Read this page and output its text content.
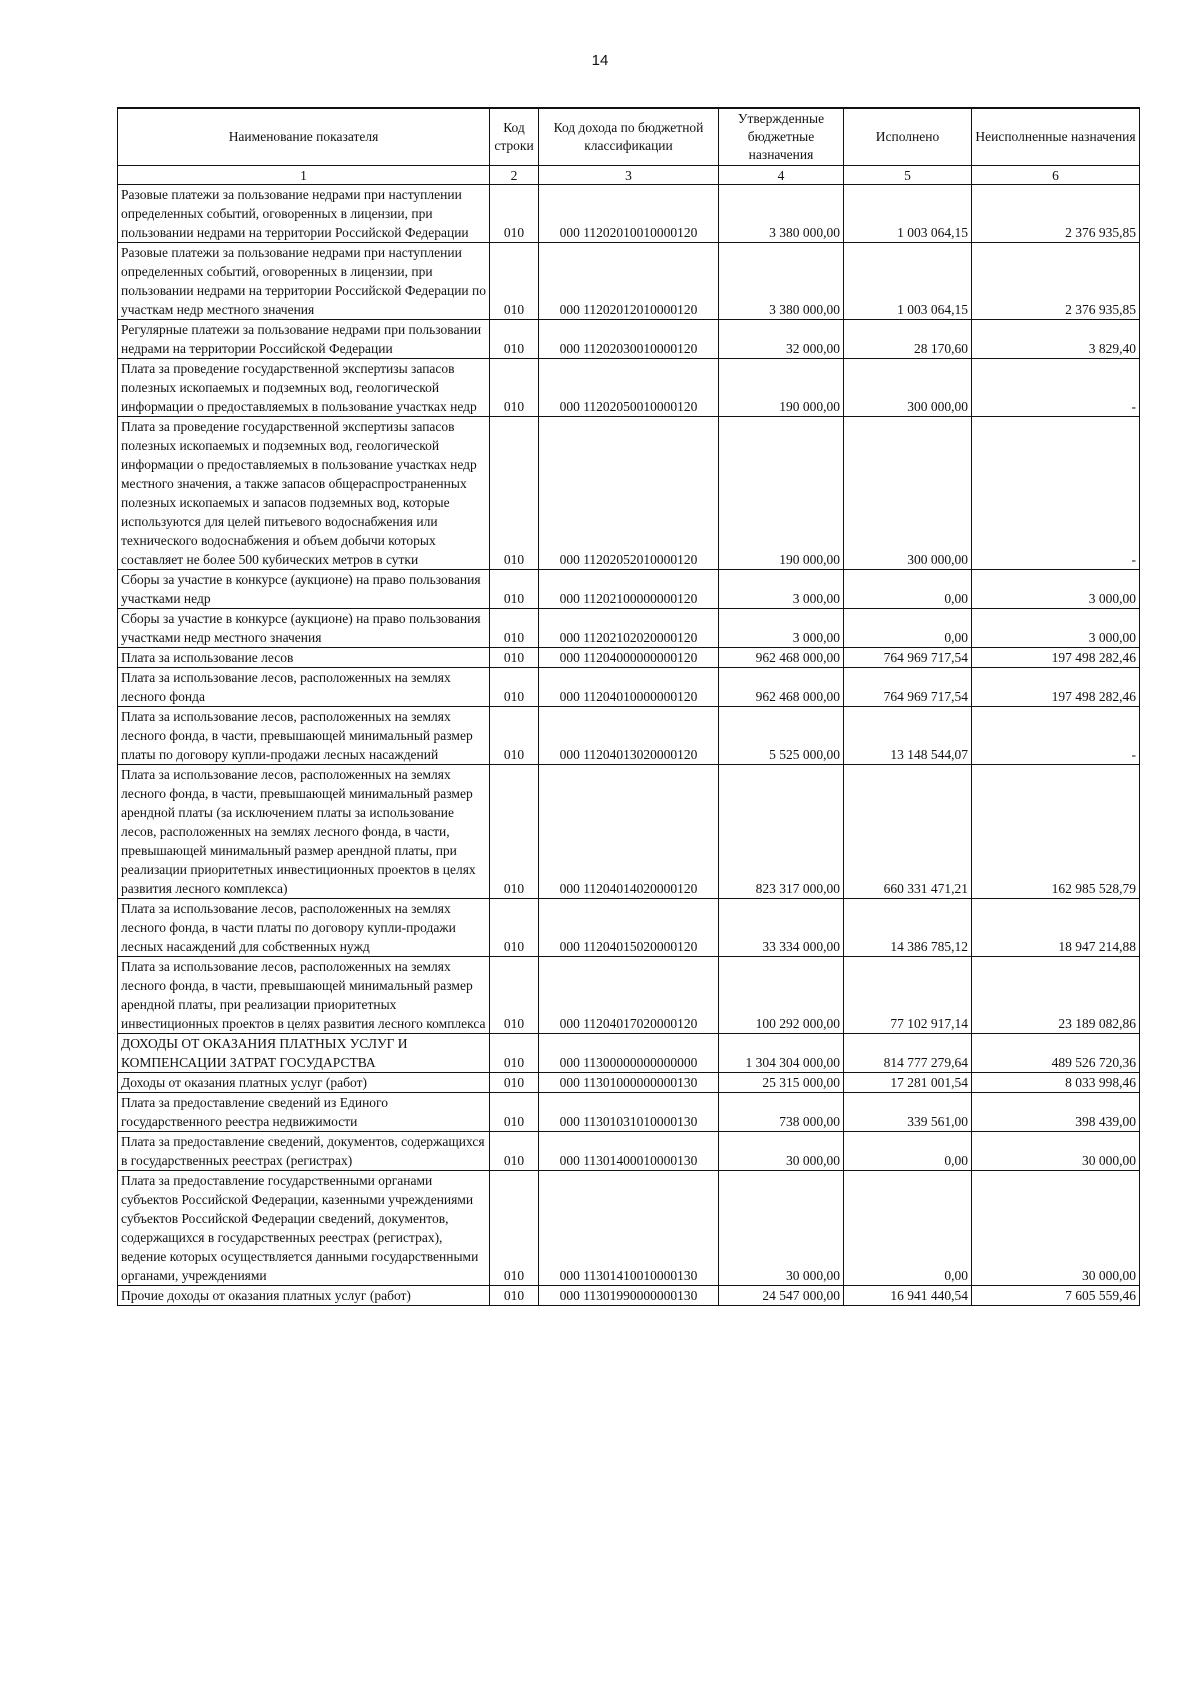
14
Наименование показателя	Код строки	Код дохода по бюджетной классификации	Утвержденные бюджетные назначения	Исполнено	Неисполненные назначения
1	2	3	4	5	6
Разовые платежи за пользование недрами при наступлении определенных событий, оговоренных в лицензии, при пользовании недрами на территории Российской Федерации	010	000 11202010010000120	3 380 000,00	1 003 064,15	2 376 935,85
Разовые платежи за пользование недрами при наступлении определенных событий, оговоренных в лицензии, при пользовании недрами на территории Российской Федерации по участкам недр местного значения	010	000 11202012010000120	3 380 000,00	1 003 064,15	2 376 935,85
Регулярные платежи за пользование недрами при пользовании недрами на территории Российской Федерации	010	000 11202030010000120	32 000,00	28 170,60	3 829,40
Плата за проведение государственной экспертизы запасов полезных ископаемых и подземных вод, геологической информации о предоставляемых в пользование участках недр	010	000 11202050010000120	190 000,00	300 000,00	-
Плата за проведение государственной экспертизы запасов полезных ископаемых и подземных вод, геологической информации о предоставляемых в пользование участках недр местного значения, а также запасов общераспространенных полезных ископаемых и запасов подземных вод, которые используются для целей питьевого водоснабжения или технического водоснабжения и объем добычи которых составляет не более 500 кубических метров в сутки	010	000 11202052010000120	190 000,00	300 000,00	-
Сборы за участие в конкурсе (аукционе) на право пользования участками недр	010	000 11202100000000120	3 000,00	0,00	3 000,00
Сборы за участие в конкурсе (аукционе) на право пользования участками недр местного значения	010	000 11202102020000120	3 000,00	0,00	3 000,00
Плата за использование лесов	010	000 11204000000000120	962 468 000,00	764 969 717,54	197 498 282,46
Плата за использование лесов, расположенных на землях лесного фонда	010	000 11204010000000120	962 468 000,00	764 969 717,54	197 498 282,46
Плата за использование лесов, расположенных на землях лесного фонда, в части, превышающей минимальный размер платы по договору купли-продажи лесных насаждений	010	000 11204013020000120	5 525 000,00	13 148 544,07	-
Плата за использование лесов, расположенных на землях лесного фонда, в части, превышающей минимальный размер арендной платы (за исключением платы за использование лесов, расположенных на землях лесного фонда, в части, превышающей минимальный размер арендной платы, при реализации приоритетных инвестиционных проектов в целях развития лесного комплекса)	010	000 11204014020000120	823 317 000,00	660 331 471,21	162 985 528,79
Плата за использование лесов, расположенных на землях лесного фонда, в части платы по договору купли-продажи лесных насаждений для собственных нужд	010	000 11204015020000120	33 334 000,00	14 386 785,12	18 947 214,88
Плата за использование лесов, расположенных на землях лесного фонда, в части, превышающей минимальный размер арендной платы, при реализации приоритетных инвестиционных проектов в целях развития лесного комплекса	010	000 11204017020000120	100 292 000,00	77 102 917,14	23 189 082,86
ДОХОДЫ ОТ ОКАЗАНИЯ ПЛАТНЫХ УСЛУГ И КОМПЕНСАЦИИ ЗАТРАТ ГОСУДАРСТВА	010	000 11300000000000000	1 304 304 000,00	814 777 279,64	489 526 720,36
Доходы от оказания платных услуг (работ)	010	000 11301000000000130	25 315 000,00	17 281 001,54	8 033 998,46
Плата за предоставление сведений из Единого государственного реестра недвижимости	010	000 11301031010000130	738 000,00	339 561,00	398 439,00
Плата за предоставление сведений, документов, содержащихся в государственных реестрах (регистрах)	010	000 11301400010000130	30 000,00	0,00	30 000,00
Плата за предоставление государственными органами субъектов Российской Федерации, казенными учреждениями субъектов Российской Федерации сведений, документов, содержащихся в государственных реестрах (регистрах), ведение которых осуществляется данными государственными органами, учреждениями	010	000 11301410010000130	30 000,00	0,00	30 000,00
Прочие доходы от оказания платных услуг (работ)	010	000 11301990000000130	24 547 000,00	16 941 440,54	7 605 559,46
